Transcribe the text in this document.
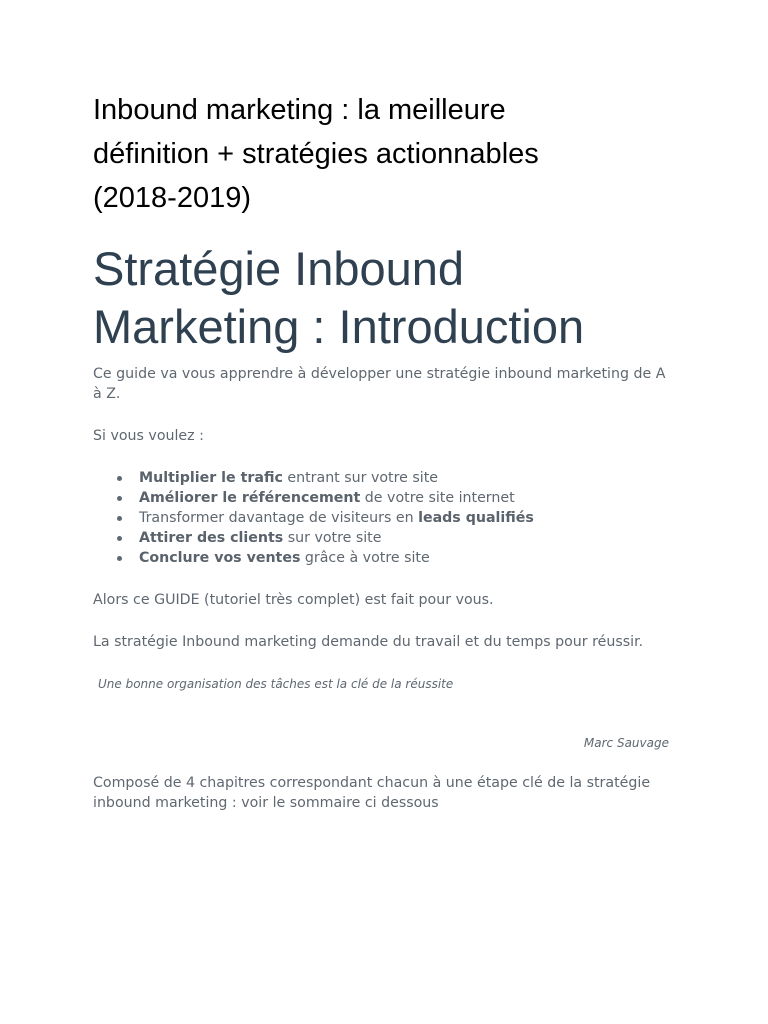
Inbound marketing : la meilleure
définition + stratégies actionnables
(2018-2019)
Stratégie Inbound
Marketing : Introduction

Ce guide va vous apprendre à développer une stratégie inbound marketing de A à Z.

Si vous voulez :

Multiplier le trafic entrant sur votre site
Améliorer le référencement de votre site internet
Transformer davantage de visiteurs en leads qualifiés
Attirer des clients sur votre site
Conclure vos ventes grâce à votre site

Alors ce GUIDE (tutoriel très complet) est fait pour vous.

La stratégie Inbound marketing demande du travail et du temps pour réussir.

Une bonne organisation des tâches est la clé de la réussite

Marc Sauvage

Composé de 4 chapitres correspondant chacun à une étape clé de la stratégie inbound marketing : voir le sommaire ci dessous
